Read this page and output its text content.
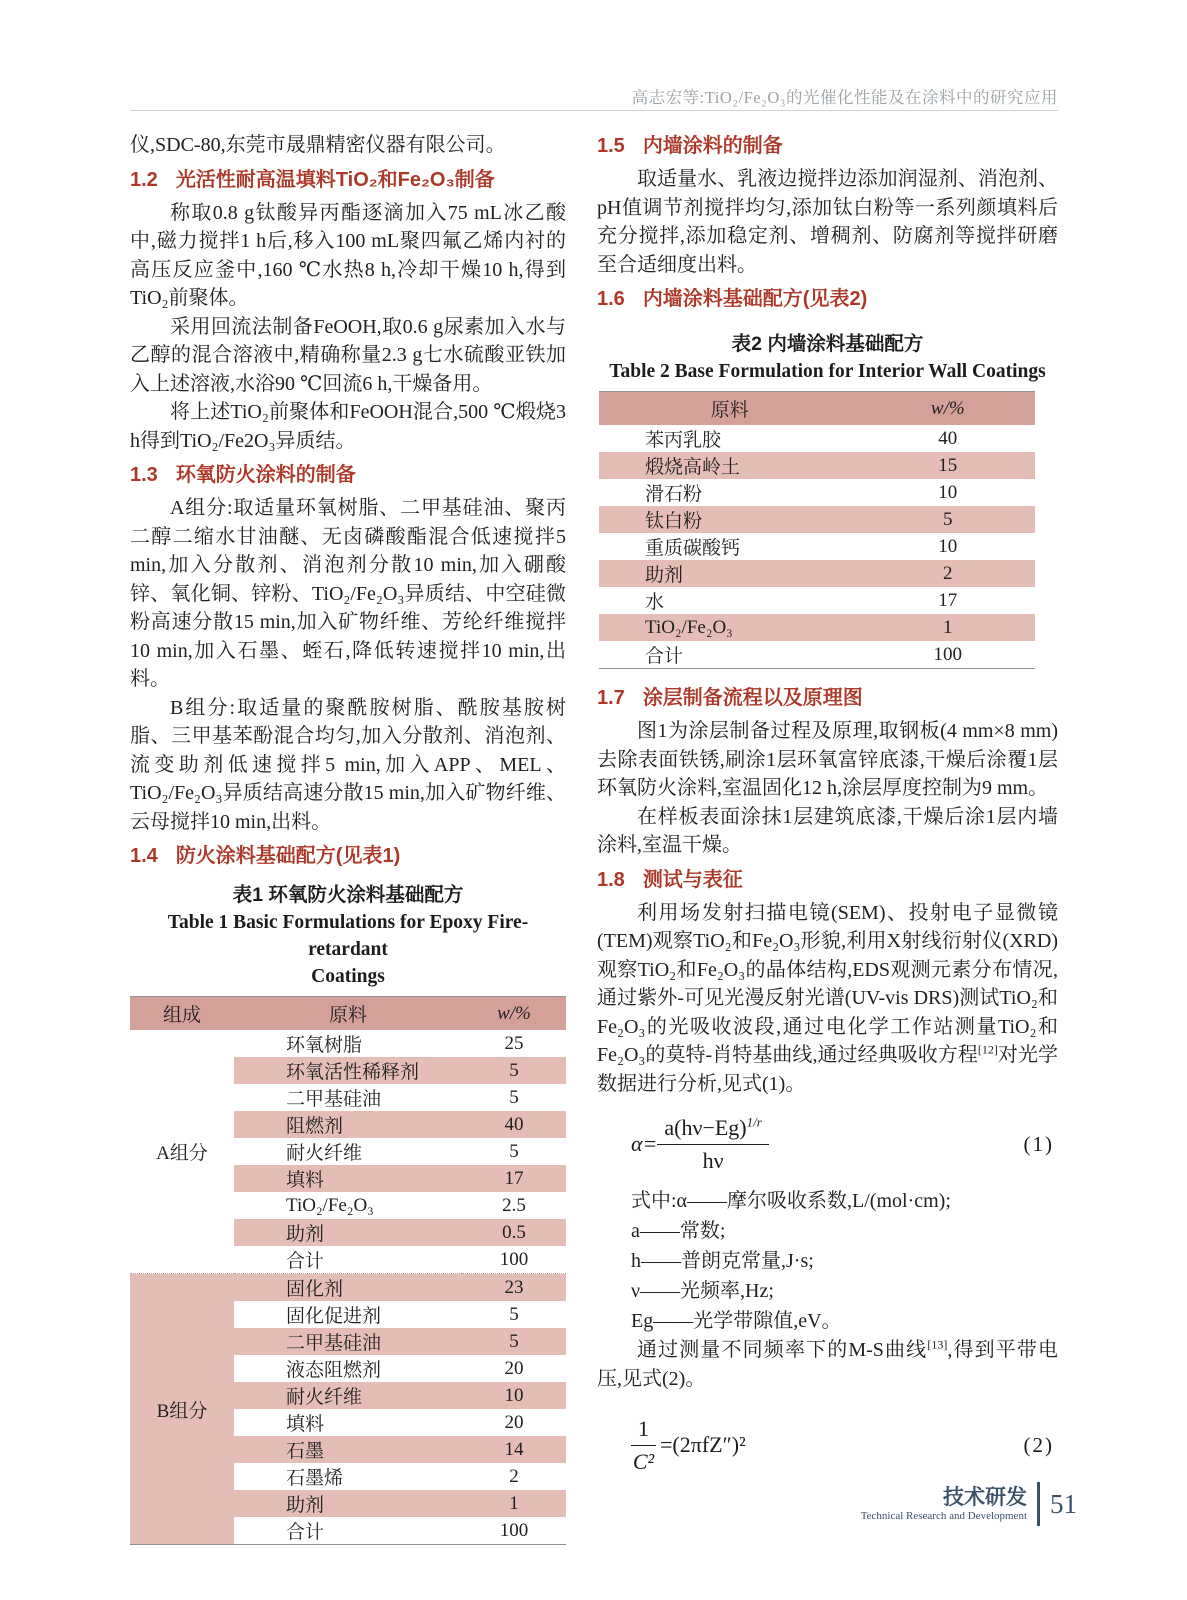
高志宏等:TiO₂/Fe₂O₃的光催化性能及在涂料中的研究应用

仪,SDC-80,东莞市晟鼎精密仪器有限公司。

1.2 光活性耐高温填料TiO₂和Fe₂O₃制备

称取0.8 g钛酸异丙酯逐滴加入75 mL冰乙酸中,磁力搅拌1 h后,移入100 mL聚四氟乙烯内衬的高压反应釜中,160 ℃水热8 h,冷却干燥10 h,得到TiO₂前聚体。

采用回流法制备FeOOH,取0.6 g尿素加入水与乙醇的混合溶液中,精确称量2.3 g七水硫酸亚铁加入上述溶液,水浴90 ℃回流6 h,干燥备用。

将上述TiO₂前聚体和FeOOH混合,500 ℃煅烧3 h得到TiO₂/Fe2O₃异质结。

1.3 环氧防火涂料的制备

A组分:取适量环氧树脂、二甲基硅油、聚丙二醇二缩水甘油醚、无卤磷酸酯混合低速搅拌5 min,加入分散剂、消泡剂分散10 min,加入硼酸锌、氧化铜、锌粉、TiO₂/Fe₂O₃异质结、中空硅微粉高速分散15 min,加入矿物纤维、芳纶纤维搅拌10 min,加入石墨、蛭石,降低转速搅拌10 min,出料。

B组分:取适量的聚酰胺树脂、酰胺基胺树脂、三甲基苯酚混合均匀,加入分散剂、消泡剂、流变助剂低速搅拌5 min,加入APP、MEL、TiO₂/Fe₂O₃异质结高速分散15 min,加入矿物纤维、云母搅拌10 min,出料。

1.4 防火涂料基础配方(见表1)

表1 环氧防火涂料基础配方

Table 1 Basic Formulations for Epoxy Fire-retardant

Coatings

组成	原料	w/%
A组分	环氧树脂	25
	环氧活性稀释剂	5
	二甲基硅油	5
	阻燃剂	40
	耐火纤维	5
	填料	17
	TiO₂/Fe₂O₃	2.5
	助剂	0.5
	合计	100
B组分	固化剂	23
	固化促进剂	5
	二甲基硅油	5
	液态阻燃剂	20
	耐火纤维	10
	填料	20
	石墨	14
	石墨烯	2
	助剂	1
	合计	100
1.5 内墙涂料的制备

取适量水、乳液边搅拌边添加润湿剂、消泡剂、pH值调节剂搅拌均匀,添加钛白粉等一系列颜填料后充分搅拌,添加稳定剂、增稠剂、防腐剂等搅拌研磨至合适细度出料。

1.6 内墙涂料基础配方(见表2)

表2 内墙涂料基础配方

Table 2 Base Formulation for Interior Wall Coatings

原料	w/%
苯丙乳胶	40
煅烧高岭土	15
滑石粉	10
钛白粉	5
重质碳酸钙	10
助剂	2
水	17
TiO₂/Fe₂O₃	1
合计	100
1.7 涂层制备流程以及原理图

图1为涂层制备过程及原理,取钢板(4 mm×8 mm)去除表面铁锈,刷涂1层环氧富锌底漆,干燥后涂覆1层环氧防火涂料,室温固化12 h,涂层厚度控制为9 mm。

在样板表面涂抹1层建筑底漆,干燥后涂1层内墙涂料,室温干燥。

1.8 测试与表征

利用场发射扫描电镜(SEM)、投射电子显微镜(TEM)观察TiO₂和Fe₂O₃形貌,利用X射线衍射仪(XRD)观察TiO₂和Fe₂O₃的晶体结构,EDS观测元素分布情况,通过紫外-可见光漫反射光谱(UV-vis DRS)测试TiO₂和Fe₂O₃的光吸收波段,通过电化学工作站测量TiO₂和Fe₂O₃的莫特-肖特基曲线,通过经典吸收方程[12]对光学数据进行分析,见式(1)。

$\alpha= \frac{a(h\nu-Eg)^{1/r}}{h\nu}$	(1)

式中:α——摩尔吸收系数,L/(mol·cm);

a——常数;

h——普朗克常量,J·s;

ν——光频率,Hz;

Eg——光学带隙值,eV。

通过测量不同频率下的M-S曲线[13],得到平带电压,见式(2)。

$\frac{1}{\text{C²}} =(2\pi fZ'')^2$	(2)
技术研发
Technical Research and Development 51
